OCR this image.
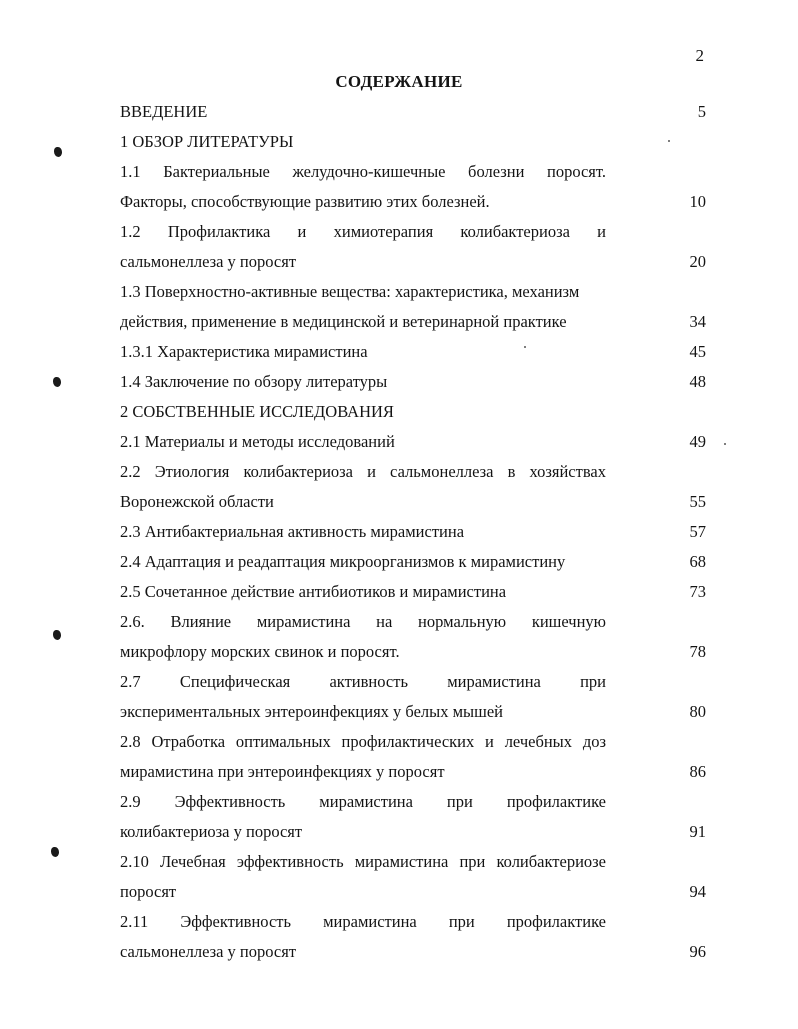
2
СОДЕРЖАНИЕ
ВВЕДЕНИЕ	5
1 ОБЗОР ЛИТЕРАТУРЫ
1.1 Бактериальные желудочно-кишечные болезни поросят.
Факторы, способствующие развитию этих болезней.	10
1.2 Профилактика и химиотерапия колибактериоза и
сальмонеллеза у поросят	20
1.3 Поверхностно-активные вещества: характеристика, механизм
действия, применение в медицинской и ветеринарной практике	34
1.3.1 Характеристика мирамистина	45
1.4 Заключение по обзору литературы	48
2 СОБСТВЕННЫЕ ИССЛЕДОВАНИЯ
2.1 Материалы и методы исследований	49
2.2 Этиология колибактериоза и сальмонеллеза в хозяйствах
Воронежской области	55
2.3 Антибактериальная активность мирамистина	57
2.4 Адаптация и реадаптация микроорганизмов к мирамистину	68
2.5 Сочетанное действие антибиотиков и мирамистина	73
2.6. Влияние мирамистина на нормальную кишечную
микрофлору морских свинок и поросят.	78
2.7 Специфическая активность мирамистина при
экспериментальных энтероинфекциях у белых мышей	80
2.8 Отработка оптимальных профилактических и лечебных доз
мирамистина при энтероинфекциях у поросят	86
2.9 Эффективность мирамистина при профилактике
колибактериоза у поросят	91
2.10 Лечебная эффективность мирамистина при колибактериозе
поросят	94
2.11 Эффективность мирамистина при профилактике
сальмонеллеза у поросят	96
